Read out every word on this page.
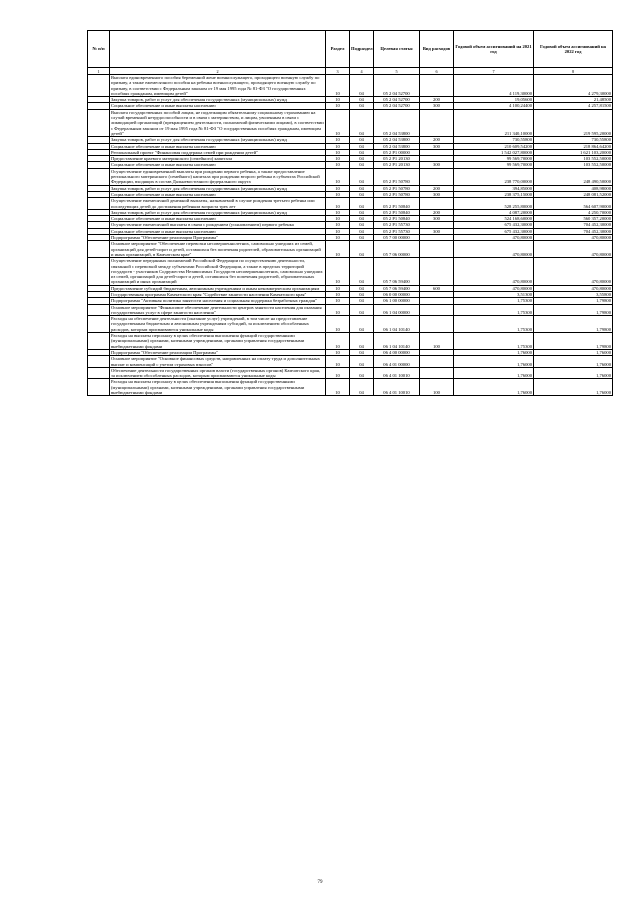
№ п/п		Раздел	Подраздел	Целевая статья	Вид расходов	Годовой объем ассигнований на 2021 год	Годовой объем ассигнований на 2022 год
1	2	3	4	5	6	7	8
	Выплата единовременного пособия беременной жене военнослужащего, проходящего военную службу по призыву, а также ежемесячного пособия на ребенка военнослужащего, проходящего военную службу по призыву, в соответствии с Федеральным законом от 19 мая 1995 года № 81-ФЗ "О государственных пособиях гражданам, имеющим детей"	10	04	05 2 04 52700		4 119,30000	4 279,30000
	Закупка товаров, работ и услуг для обеспечения государственных (муниципальных) нужд	10	04	05 2 04 52700	200	19,05600	21,48500
	Социальное обеспечение и иные выплаты населению	10	04	05 2 04 52700	300	4 100,24400	4 257,81500
	Выплата государственных пособий лицам, не подлежащим обязательному социальному страхованию на случай временной нетрудоспособности и в связи с материнством, и лицам, уволенным в связи с ликвидацией организаций (прекращением деятельности, полномочий физическими лицами), в соответствии с Федеральным законом от 19 мая 1995 года № 81-ФЗ "О государственных пособиях гражданам, имеющим детей"	10	04	05 2 04 53800		211 340,10000	219 595,20000
	Закупка товаров, работ и услуг для обеспечения государственных (муниципальных) нужд	10	04	05 2 04 53800	200	730,55800	730,55800
	Социальное обеспечение и иные выплаты населению	10	04	05 2 04 53800	300	210 609,54200	218 864,64200
	Региональный проект "Финансовая поддержка семей при рождении детей"	10	04	05 2 P1 00000		1 542 027,80000	1 621 103,20000
	Предоставление краевого материнского (семейного) капитала	10	04	05 2 P1 20130		99 569,70000	103 552,50000
	Социальное обеспечение и иные выплаты населению	10	04	05 2 P1 20130	300	99 569,70000	103 552,50000
	Осуществление единовременной выплаты при рождении первого ребенка, а также предоставление регионального материнского (семейного) капитала при рождении второго ребенка в субъектах Российской Федерации, входящих в состав Дальневосточного федерального округа	10	04	05 2 P1 50780		238 770,00000	248 490,50000
	Закупка товаров, работ и услуг для обеспечения государственных (муниципальных) нужд	10	04	05 2 P1 50780	200	394,85000	408,98000
	Социальное обеспечение и иные выплаты населению	10	04	05 2 P1 50780	300	238 375,15000	248 081,52000
	Осуществление ежемесячной денежной выплаты, назначаемой в случае рождения третьего ребенка или последующих детей до достижения ребенком возраста трех лет	10	04	05 2 P1 50840		528 255,80000	564 607,90000
	Закупка товаров, работ и услуг для обеспечения государственных (муниципальных) нужд	10	04	05 2 P1 50840	200	4 087,20000	4 250,70000
	Социальное обеспечение и иные выплаты населению	10	04	05 2 P1 50840	300	524 168,60000	560 357,20000
	Осуществление ежемесячной выплаты в связи с рождением (усыновлением) первого ребенка	10	04	05 2 P1 55730		675 432,30000	704 452,30000
	Социальное обеспечение и иные выплаты населению	10	04	05 2 P1 55730	300	675 432,30000	704 452,30000
	Подпрограмма "Обеспечение реализации Программы"	10	04	05 7 00 00000		470,80000	470,80000
	Основное мероприятие "Обеспечение перевозки несовершеннолетних, самовольно ушедших из семей, организаций для детей-сирот и детей, оставшихся без попечения родителей, образовательных организаций и иных организаций, в Камчатском крае"	10	04	05 7 06 00000		470,80000	470,80000
	Осуществление переданных полномочий Российской Федерации по осуществлению деятельности, связанной с перевозкой между субъектами Российской Федерации, а также в пределах территорий государств - участников Содружества Независимых Государств несовершеннолетних, самовольно ушедших из семей, организаций для детей-сирот и детей, оставшихся без попечения родителей, образовательных организаций и иных организаций	10	04	05 7 06 59400		470,80000	470,80000
	Предоставление субсидий бюджетным, автономным учреждениям и иным некоммерческим организациям	10	04	05 7 06 59400	600	470,80000	470,80000
	Государственная программа Камчатского края "Содействие занятости населения Камчатского края"	10	04	06 0 00 00000		3,51300	3,55800
	Подпрограмма "Активная политика занятости населения и социальная поддержка безработных граждан"	10	04	06 1 00 00000		1,75300	1,79800
	Основное мероприятие "Финансовое обеспечение деятельности центров занятости населения для оказания государственных услуг в сфере занятости населения"	10	04	06 1 04 00000		1,75300	1,79800
	Расходы на обеспечение деятельности (оказание услуг) учреждений, в том числе на предоставление государственным бюджетным и автономным учреждениям субсидий, за исключением обособленных расходов, которым присваиваются уникальные коды	10	04	06 1 04 10140		1,75300	1,79800
	Расходы на выплаты персоналу в целях обеспечения выполнения функций государственными (муниципальными) органами, казенными учреждениями, органами управления государственными внебюджетными фондами	10	04	06 1 04 10140	100	1,75300	1,79800
	Подпрограмма "Обеспечение реализации Программы"	10	04	06 4 00 00000		1,76000	1,76000
	Основное мероприятие "Основное финансовых средств, направленных на оплату труда и дополнительных выплат и компенсаций с учетом страховых взносов"	10	04	06 4 01 00000		1,76000	1,76000
	Обеспечение деятельности государственных органов власти (государственных органов) Камчатского края, за исключением обособленных расходов, которым присваиваются уникальные коды	10	04	06 4 01 10010		1,76000	1,76000
	Расходы на выплаты персоналу в целях обеспечения выполнения функций государственными (муниципальными) органами, казенными учреждениями, органами управления государственными внебюджетными фондами	10	04	06 4 01 10010	100	1,76000	1,76000
79
